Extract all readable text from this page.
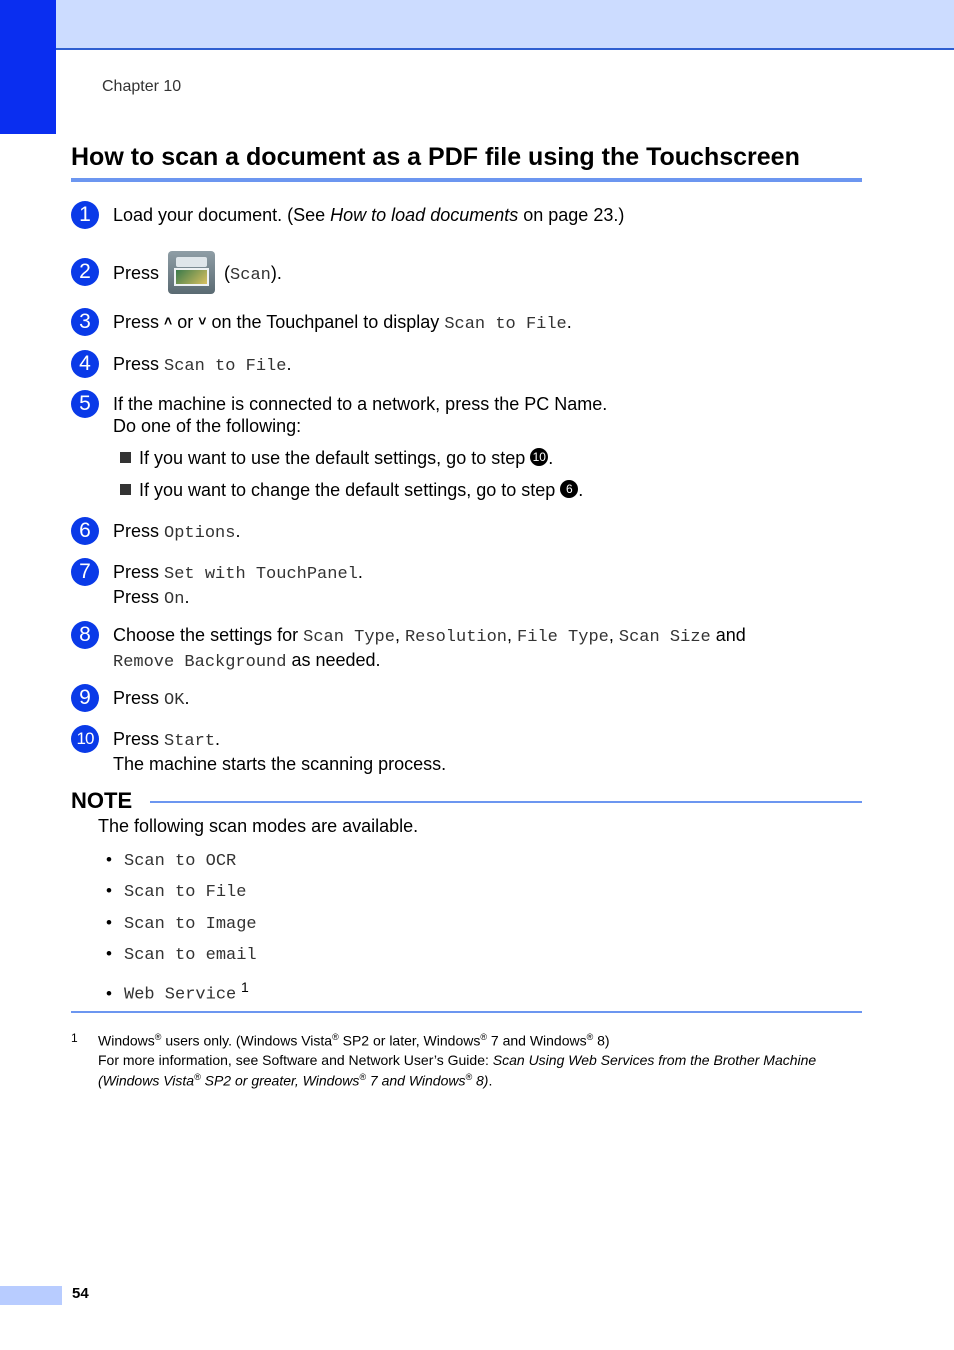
Chapter 10
How to scan a document as a PDF file using the Touchscreen
1	Load your document. (See How to load documents on page 23.)
2	Press	(Scan).
3	Press ˄ or ˅ on the Touchpanel to display Scan to File.
4	Press Scan to File.
5	If the machine is connected to a network, press the PC Name.
Do one of the following:
If you want to use the default settings, go to step 10 .
If you want to change the default settings, go to step 6 .
6	Press Options.
7	Press Set with TouchPanel.
Press On.
8	Choose the settings for Scan Type, Resolution, File Type, Scan Size and
Remove Background as needed.
9	Press OK.
10	Press Start.
The machine starts the scanning process.
NOTE
The following scan modes are available.
• Scan to OCR
• Scan to File
• Scan to Image
• Scan to email
• Web Service $^1$
1 Windows® users only. (Windows Vista® SP2 or later, Windows® 7 and Windows® 8)
For more information, see Software and Network User’s Guide: Scan Using Web Services from the Brother Machine
(Windows Vista® SP2 or greater, Windows® 7 and Windows® 8).
54
